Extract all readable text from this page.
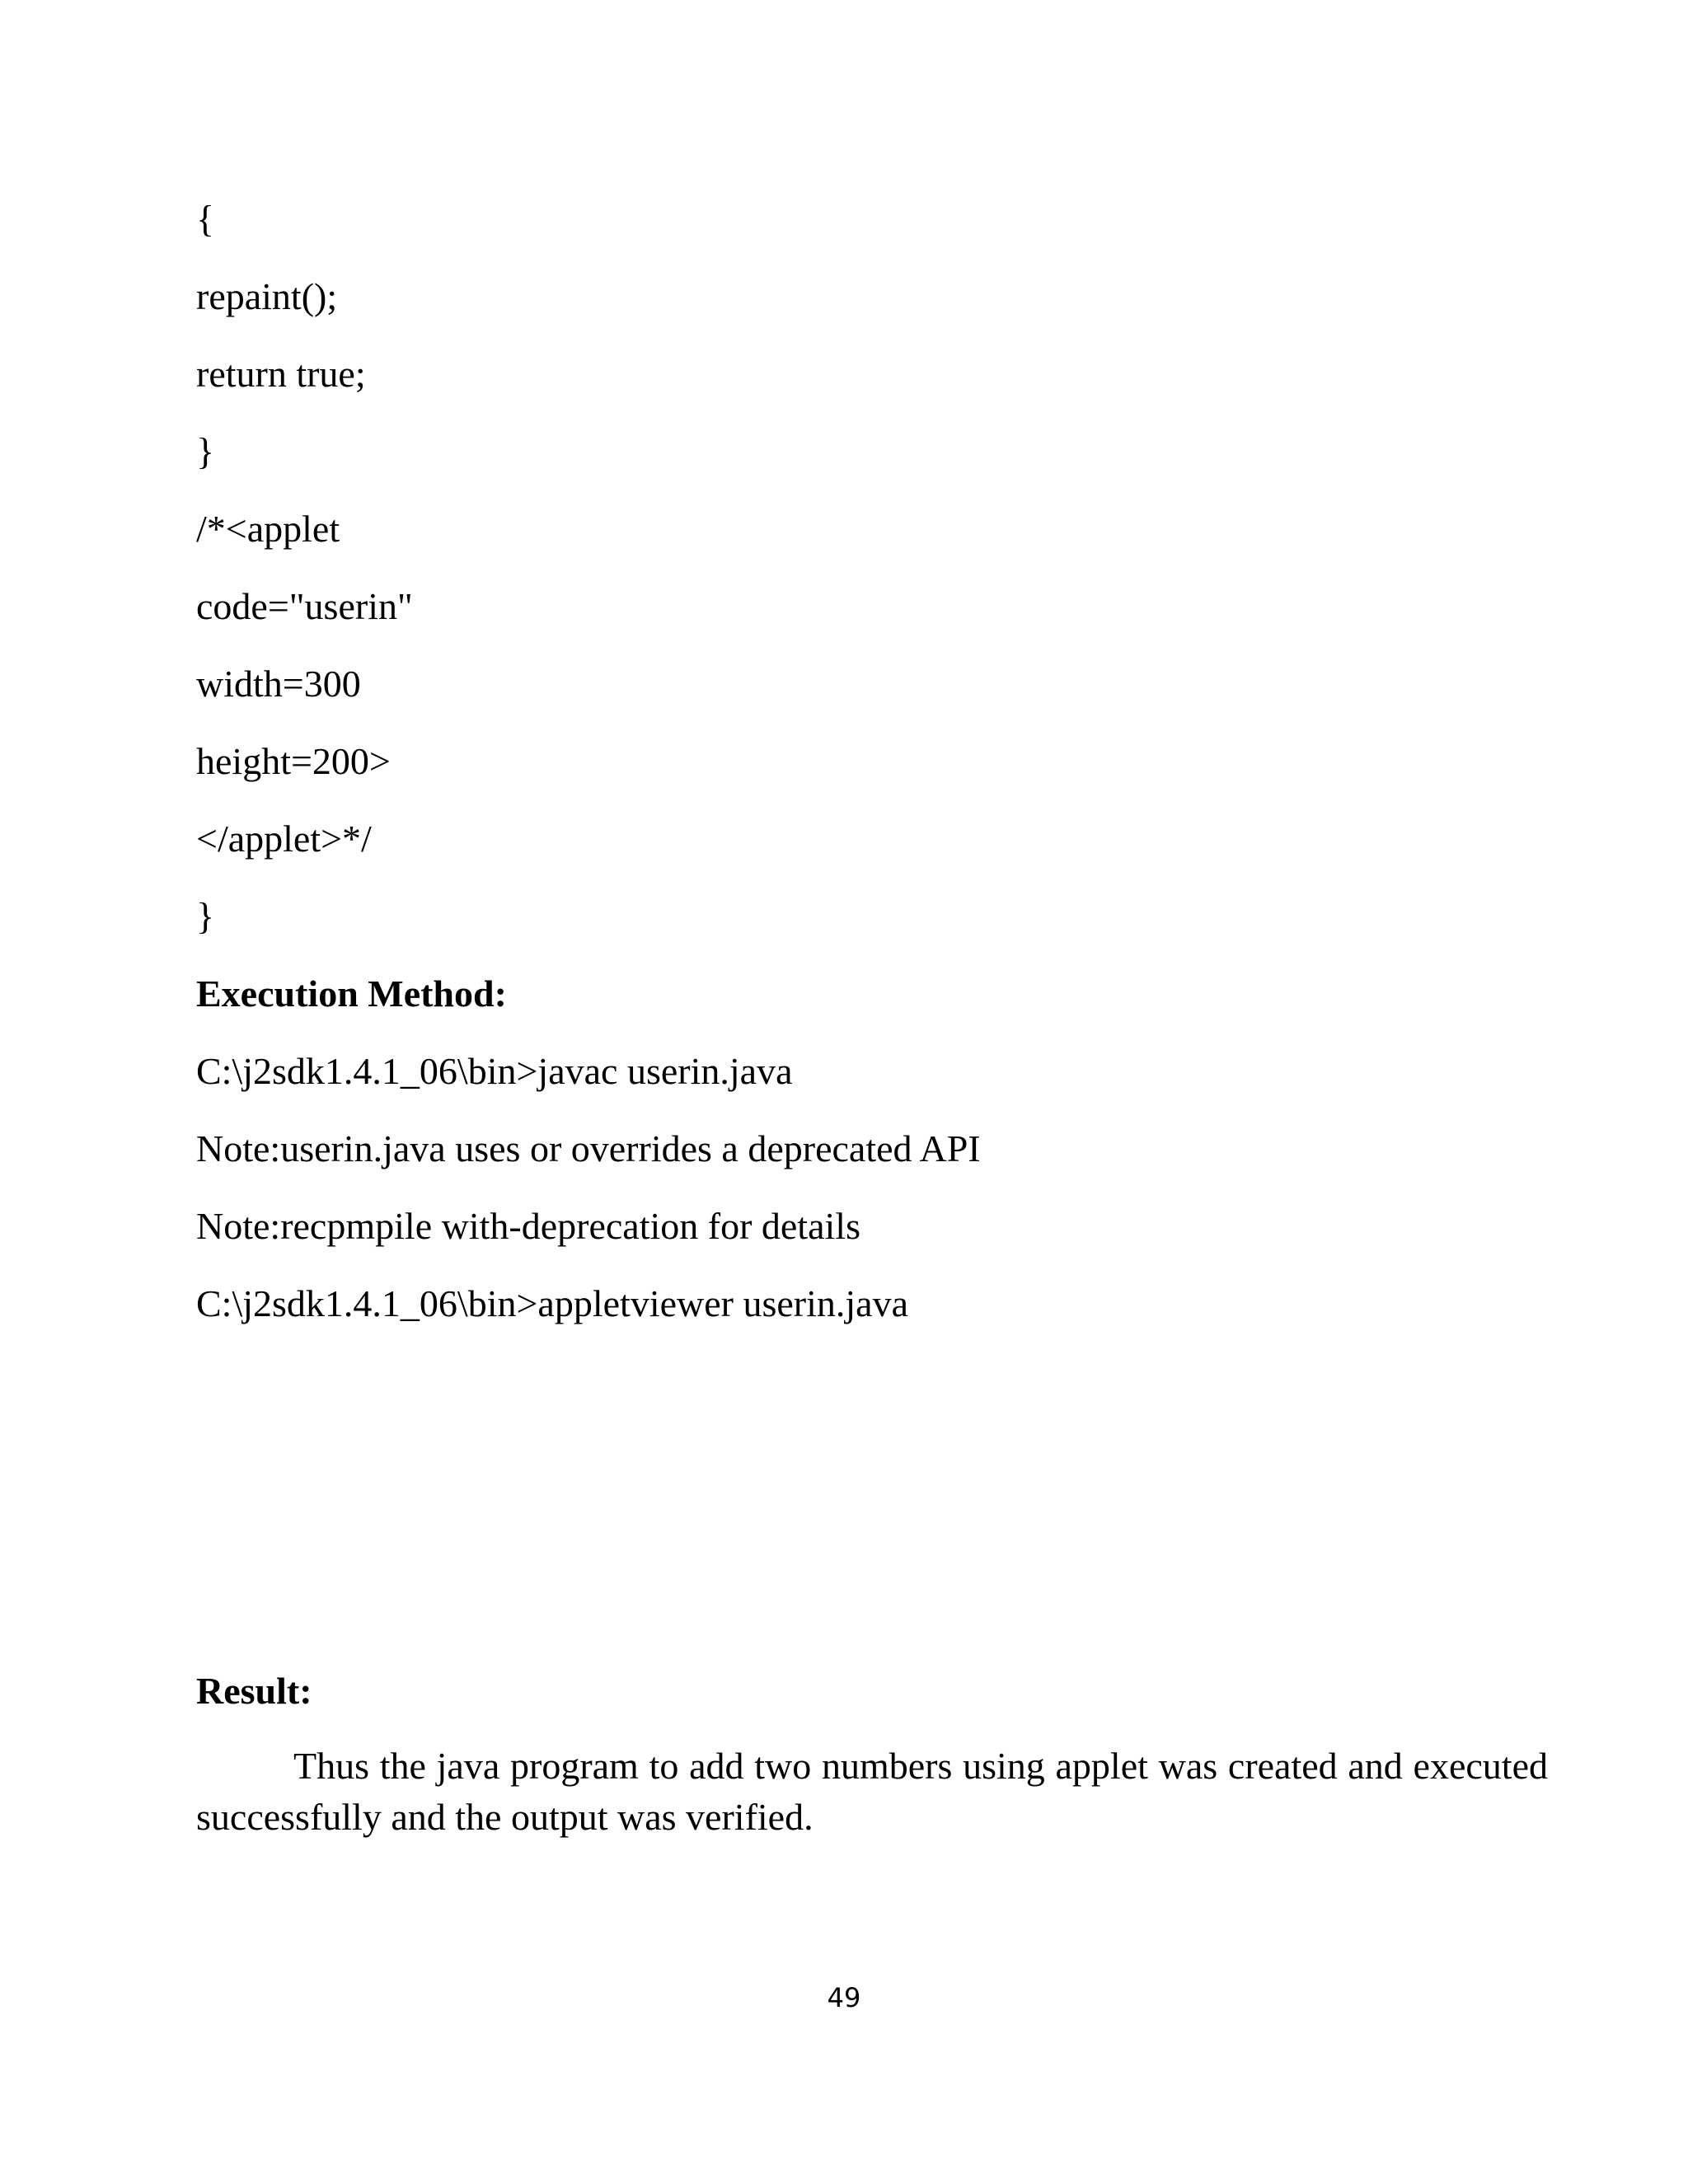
{
repaint();
return true;
}
/*<applet
code="userin"
width=300
height=200>
</applet>*/
}
Execution Method:
C:\j2sdk1.4.1_06\bin>javac userin.java
Note:userin.java uses or overrides a deprecated API
Note:recpmpile with-deprecation for details
C:\j2sdk1.4.1_06\bin>appletviewer userin.java
Result:
Thus the java program to add two numbers using applet was created and executed successfully and the output was verified.
49
